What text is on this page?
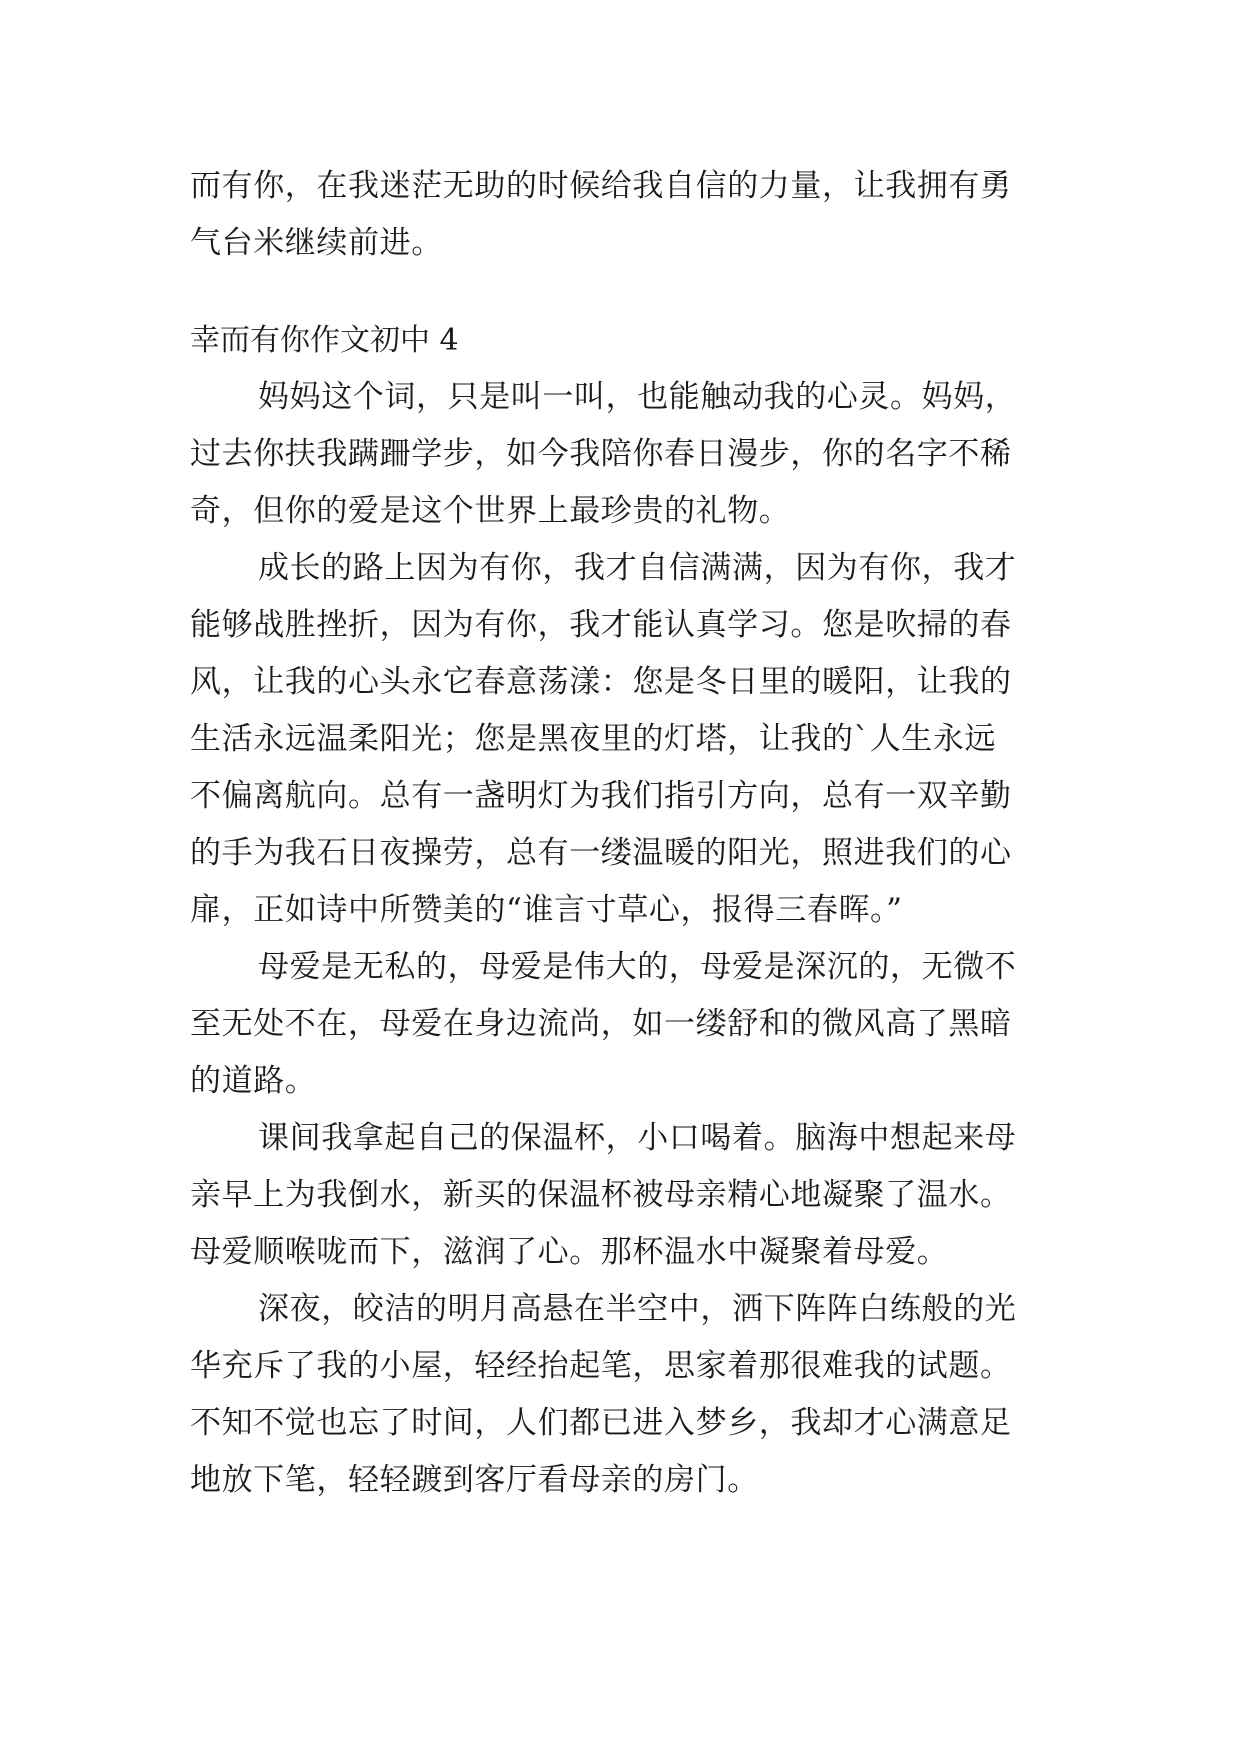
而有你，在我迷茫无助的时候给我自信的力量，让我拥有勇
气台米继续前进。
幸而有你作文初中 4
妈妈这个词，只是叫一叫，也能触动我的心灵。妈妈，
过去你扶我蹒跚学步，如今我陪你春日漫步，你的名字不稀
奇，但你的爱是这个世界上最珍贵的礼物。
成长的路上因为有你，我才自信满满，因为有你，我才
能够战胜挫折，因为有你，我才能认真学习。您是吹掃的春
风，让我的心头永它春意荡漾：您是冬日里的暖阳，让我的
生活永远温柔阳光；您是黑夜里的灯塔，让我的`人生永远
不偏离航向。总有一盏明灯为我们指引方向，总有一双辛勤
的手为我石日夜操劳，总有一缕温暖的阳光，照进我们的心
扉，正如诗中所赞美的“谁言寸草心，报得三春晖。”
母爱是无私的，母爱是伟大的，母爱是深沉的，无微不
至无处不在，母爱在身边流尚，如一缕舒和的微风高了黑暗
的道路。
课间我拿起自己的保温杯，小口喝着。脑海中想起来母
亲早上为我倒水，新买的保温杯被母亲精心地凝聚了温水。
母爱顺喉咙而下，滋润了心。那杯温水中凝聚着母爱。
深夜，皎洁的明月高悬在半空中，洒下阵阵白练般的光
华充斥了我的小屋，轻经抬起笔，思家着那很难我的试题。
不知不觉也忘了时间，人们都已进入梦乡，我却才心满意足
地放下笔，轻轻踱到客厅看母亲的房门。
